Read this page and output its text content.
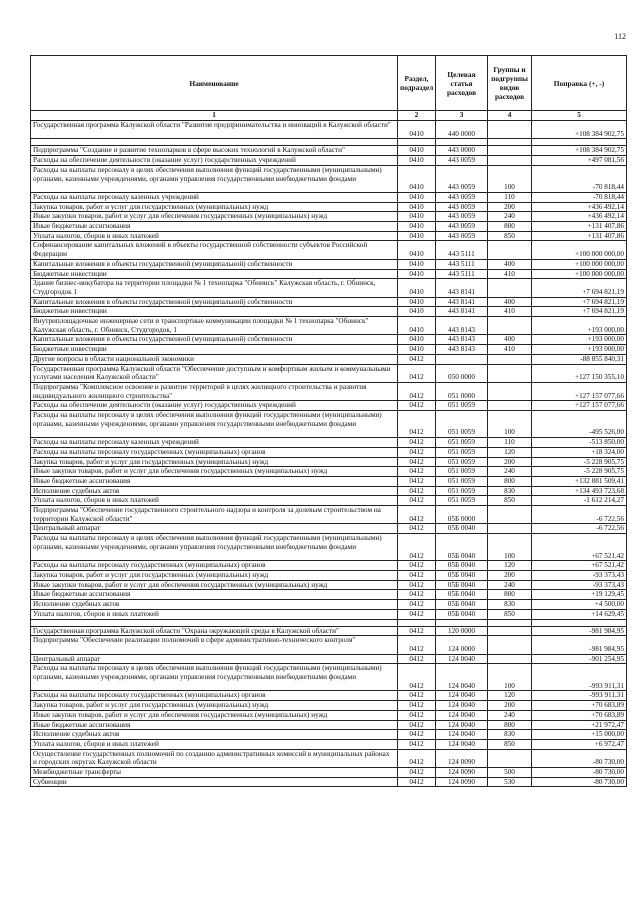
112
Наименование	Раздел, подраздел	Целевая статья расходов	Группы и подгруппы видов расходов	Поправка (+, -)
1	2	3	4	5
Государственная программа Калужской области "Развитие предпринимательства и инноваций в Калужской области"	0410	440 0000		+108 384 902,75

Подпрограмма "Создание и развитие технопарков в сфере высоких технологий в Калужской области"	0410	443 0000		+108 384 902,75
Расходы на обеспечение деятельности (оказание услуг) государственных учреждений	0410	443 0059		+497 081,56
Расходы на выплаты персоналу в целях обеспечения выполнения функций государственными (муниципальными) органами, казенными учреждениями, органами управления государственными внебюджетными фондами	0410	443 0059	100	-70 818,44
Расходы на выплаты персоналу казенных учреждений	0410	443 0059	110	-70 818,44
Закупка товаров, работ и услуг для государственных (муниципальных) нужд	0410	443 0059	200	+436 492,14
Иные закупки товаров, работ и услуг для обеспечения государственных (муниципальных) нужд	0410	443 0059	240	+436 492,14
Иные бюджетные ассигнования	0410	443 0059	800	+131 407,86
Уплата налогов, сборов и иных платежей	0410	443 0059	850	+131 407,86
Софинансирование капитальных вложений в объекты государственной собственности субъектов Российской Федерации	0410	443 5111		+100 000 000,00
Капитальные вложения в объекты государственной (муниципальной) собственности	0410	443 5111	400	+100 000 000,00
Бюджетные инвестиции	0410	443 5111	410	+100 000 000,00
Здание бизнес-инкубатора на территории площадки № 1 технопарка "Обнинск" Калужская область, г. Обнинск, Студгородок 1	0410	443 8141		+7 694 821,19
Капитальные вложения в объекты государственной (муниципальной) собственности	0410	443 8141	400	+7 694 821,19
Бюджетные инвестиции	0410	443 8141	410	+7 694 821,19
Внутриплощадочные инженерные сети и транспортные коммуникации площадки № 1 технопарка "Обнинск" Калужская область, г. Обнинск, Студгородок, 1	0410	443 8143		+193 000,00
Капитальные вложения в объекты государственной (муниципальной) собственности	0410	443 8143	400	+193 000,00
Бюджетные инвестиции	0410	443 8143	410	+193 000,00
Другие вопросы в области национальной экономики	0412			-88 855 840,31
Государственная программа Калужской области "Обеспечение доступным и комфортным жильем и коммунальными услугами населения Калужской области"	0412	050 0000		+127 150 355,10
Подпрограмма "Комплексное освоение и развитие территорий в целях жилищного строительства и развития индивидуального жилищного строительства"	0412	051 0000		+127 157 077,66
Расходы на обеспечение деятельности (оказание услуг) государственных учреждений	0412	051 0059		+127 157 077,66
Расходы на выплаты персоналу в целях обеспечения выполнения функций государственными (муниципальными) органами, казенными учреждениями, органами управления государственными внебюджетными фондами	0412	051 0059	100	-495 526,00
Расходы на выплаты персоналу казенных учреждений	0412	051 0059	110	-513 850,00
Расходы на выплаты персоналу государственных (муниципальных) органов	0412	051 0059	120	+18 324,00
Закупка товаров, работ и услуг для государственных (муниципальных) нужд	0412	051 0059	200	-5 228 905,75
Иные закупки товаров, работ и услуг для обеспечения государственных (муниципальных) нужд	0412	051 0059	240	-5 228 905,75
Иные бюджетные ассигнования	0412	051 0059	800	+132 881 509,41
Исполнение судебных актов	0412	051 0059	830	+134 493 723,68
Уплата налогов, сборов и иных платежей	0412	051 0059	850	-1 612 214,27
Подпрограмма "Обеспечение государственного строительного надзора и контроля за долевым строительством на территории Калужской области"	0412	05Б 0000		-6 722,56
Центральный аппарат	0412	05Б 0040		-6 722,56
Расходы на выплаты персоналу в целях обеспечения выполнения функций государственными (муниципальными) органами, казенными учреждениями, органами управления государственными внебюджетными фондами	0412	05Б 0040	100	+67 521,42
Расходы на выплаты персоналу государственных (муниципальных) органов	0412	05Б 0040	120	+67 521,42
Закупка товаров, работ и услуг для государственных (муниципальных) нужд	0412	05Б 0040	200	-93 373,43
Иные закупки товаров, работ и услуг для обеспечения государственных (муниципальных) нужд	0412	05Б 0040	240	-93 373,43
Иные бюджетные ассигнования	0412	05Б 0040	800	+19 129,45
Исполнение судебных актов	0412	05Б 0040	830	+4 500,00
Уплата налогов, сборов и иных платежей	0412	05Б 0040	850	+14 629,45

Государственная программа Калужской области "Охрана окружающей среды в Калужской области"	0412	120 0000		-981 984,95
Подпрограмма "Обеспечение реализации полномочий в сфере административно-технического контроля"	0412	124 0000		-981 984,95
Центральный аппарат	0412	124 0040		-901 254,95
Расходы на выплаты персоналу в целях обеспечения выполнения функций государственными (муниципальными) органами, казенными учреждениями, органами управления государственными внебюджетными фондами	0412	124 0040	100	-993 911,31
Расходы на выплаты персоналу государственных (муниципальных) органов	0412	124 0040	120	-993 911,31
Закупка товаров, работ и услуг для государственных (муниципальных) нужд	0412	124 0040	200	+70 683,89
Иные закупки товаров, работ и услуг для обеспечения государственных (муниципальных) нужд	0412	124 0040	240	+70 683,89
Иные бюджетные ассигнования	0412	124 0040	800	+21 972,47
Исполнение судебных актов	0412	124 0040	830	+15 000,00
Уплата налогов, сборов и иных платежей	0412	124 0040	850	+6 972,47
Осуществление государственных полномочий по созданию административных комиссий в муниципальных районах и городских округах Калужской области	0412	124 0090		-80 730,00
Межбюджетные трансферты	0412	124 0090	500	-80 730,00
Субвенции	0412	124 0090	530	-80 730,00
